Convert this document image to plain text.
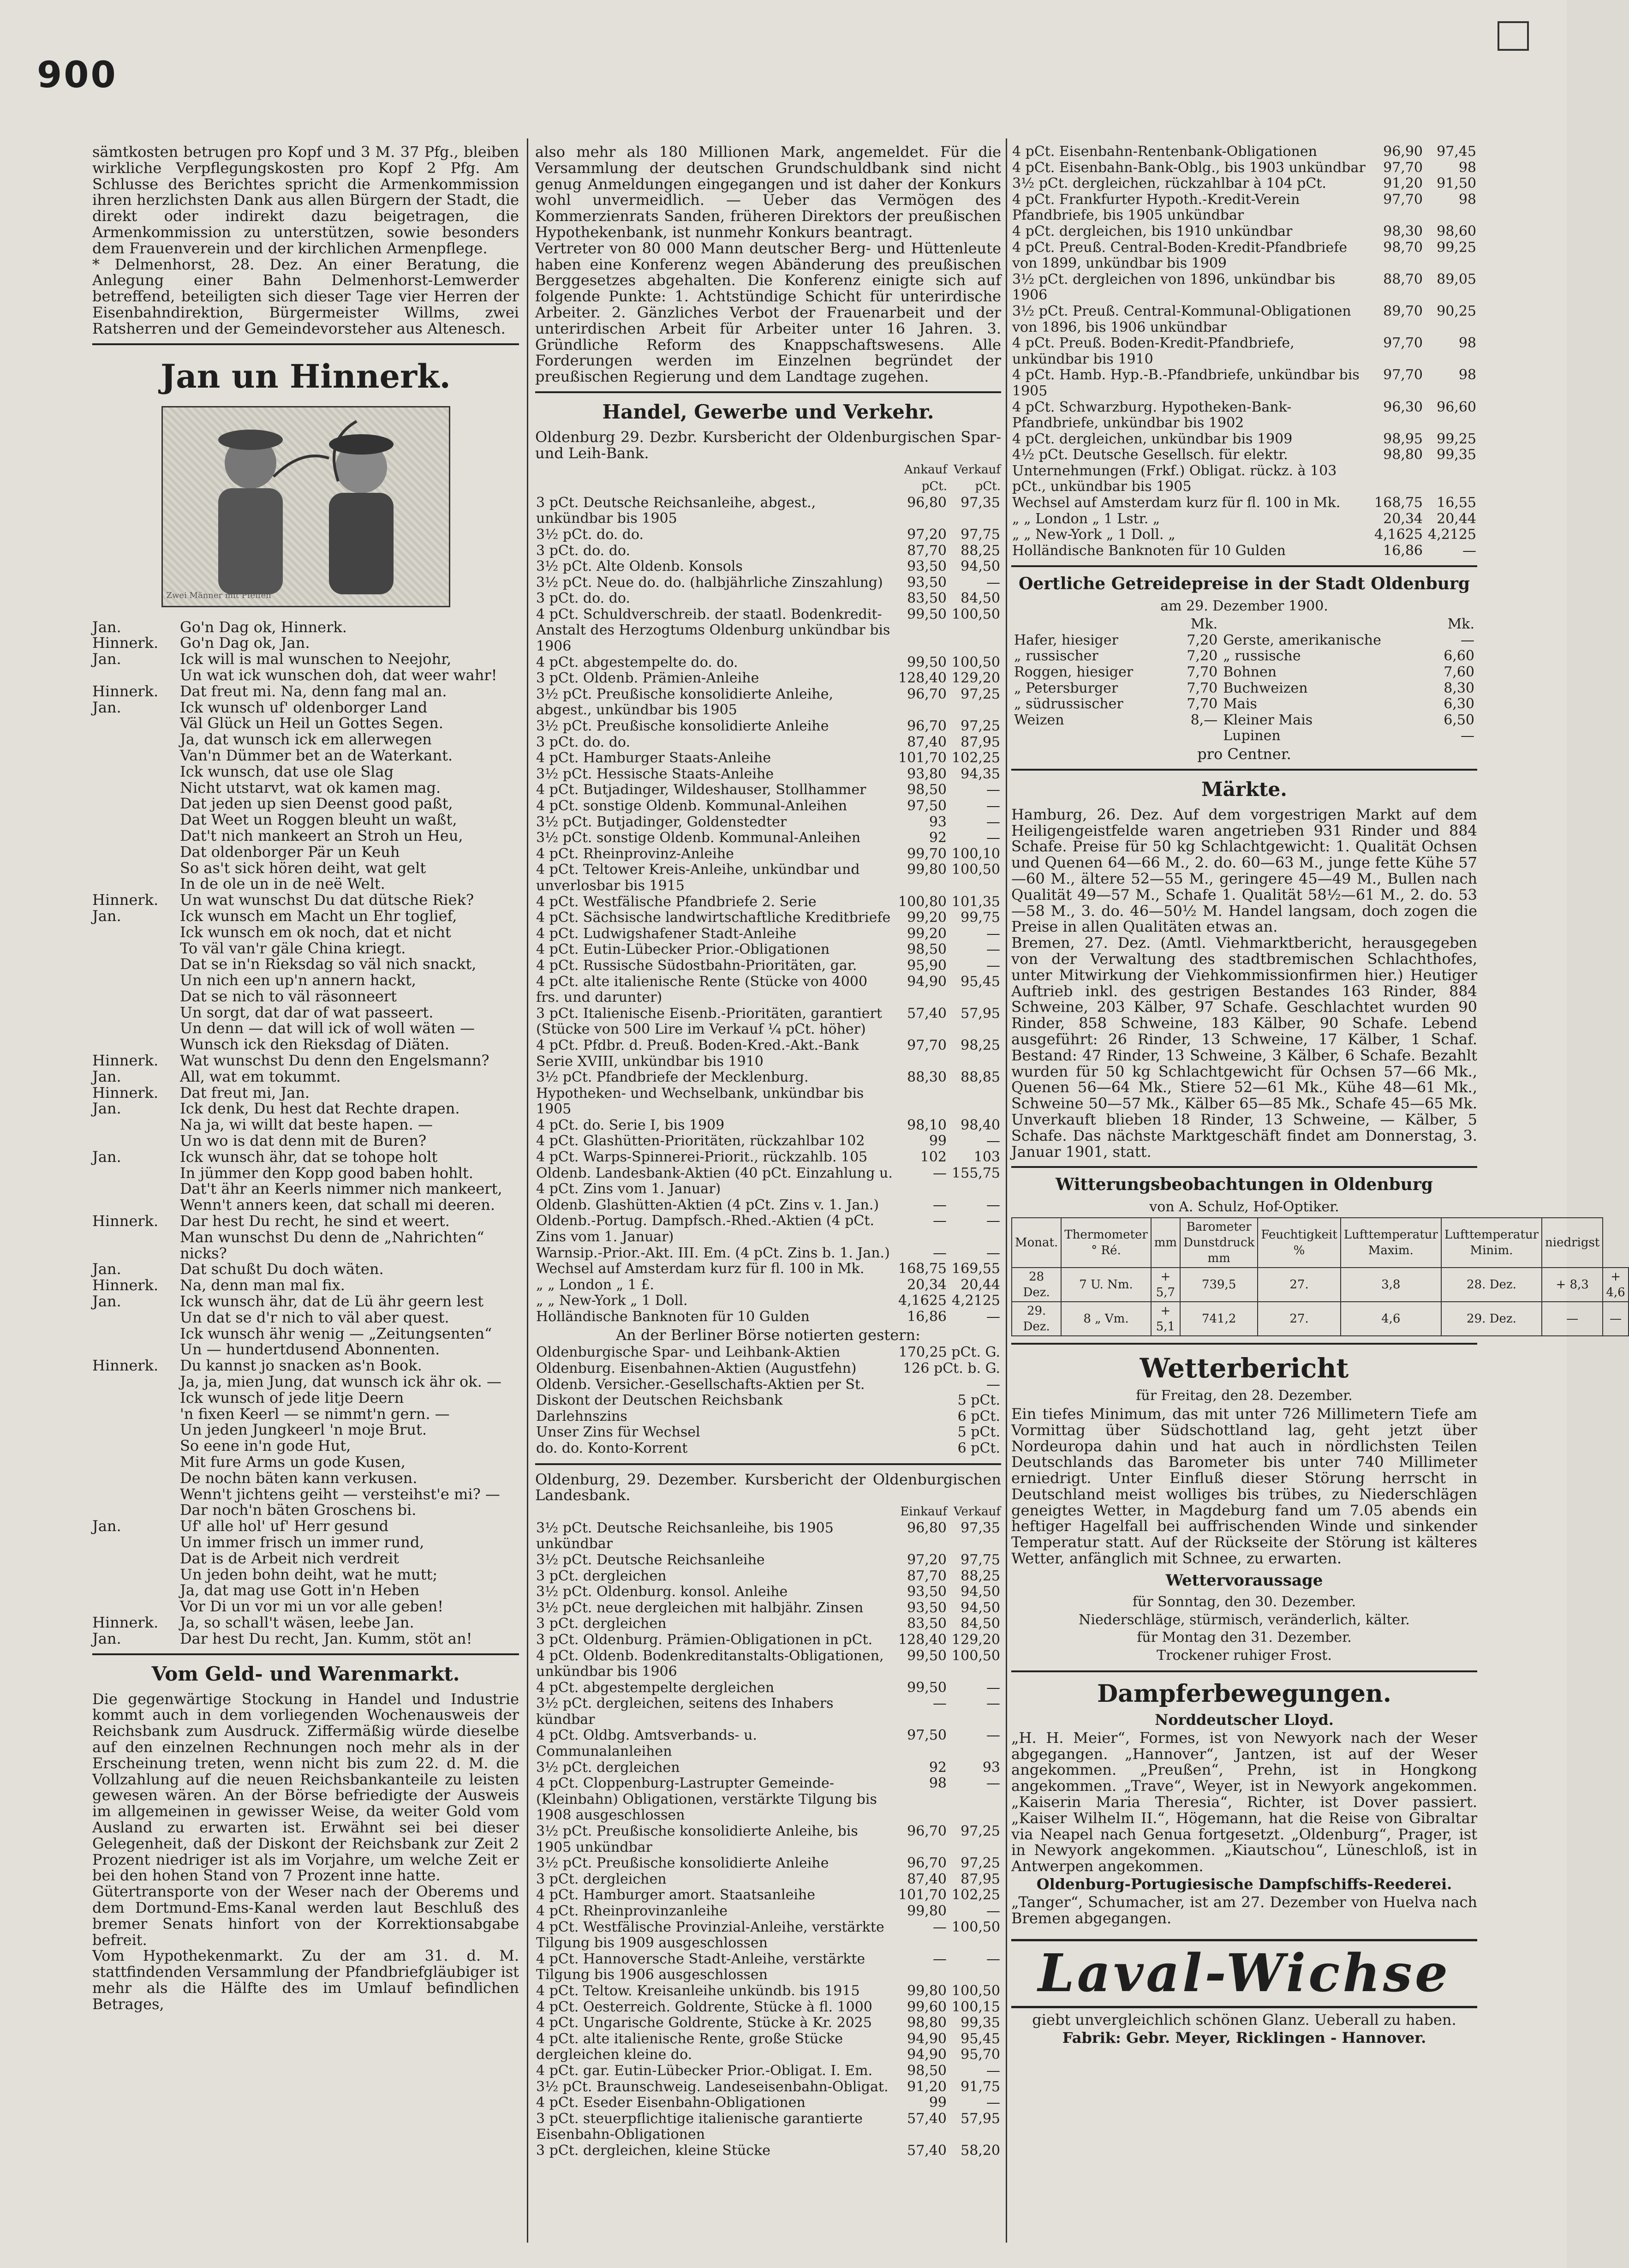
900

sämtkosten betrugen pro Kopf und 3 M. 37 Pfg., bleiben wirkliche Verpflegungskosten pro Kopf 2 Pfg. Am Schlusse des Berichtes spricht die Armenkommission ihren herzlichsten Dank aus allen Bürgern der Stadt, die direkt oder indirekt dazu beigetragen, die Armenkommission zu unterstützen, sowie besonders dem Frauenverein und der kirchlichen Armenpflege.

* Delmenhorst, 28. Dez. An einer Beratung, die Anlegung einer Bahn Delmenhorst-Lemwerder betreffend, beteiligten sich dieser Tage vier Herren der Eisenbahndirektion, Bürgermeister Willms, zwei Ratsherren und der Gemeindevorsteher aus Altenesch.

Jan un Hinnerk.
Zwei Männer mit Pfeifen
Jan.	Go'n Dag ok, Hinnerk.
Hinnerk.	Go'n Dag ok, Jan.
Jan.	Ick will is mal wunschen to Neejohr,
Un wat ick wunschen doh, dat weer wahr!
Hinnerk.	Dat freut mi. Na, denn fang mal an.
Jan.	Ick wunsch uf' oldenborger Land
Väl Glück un Heil un Gottes Segen.
Ja, dat wunsch ick em allerwegen
Van'n Dümmer bet an de Waterkant.
Ick wunsch, dat use ole Slag
Nicht utstarvt, wat ok kamen mag.
Dat jeden up sien Deenst good paßt,
Dat Weet un Roggen bleuht un waßt,
Dat't nich mankeert an Stroh un Heu,
Dat oldenborger Pär un Keuh
So as't sick hören deiht, wat gelt
In de ole un in de neë Welt.
Hinnerk.	Un wat wunschst Du dat dütsche Riek?
Jan.	Ick wunsch em Macht un Ehr toglief,
Ick wunsch em ok noch, dat et nicht
To väl van'r gäle China kriegt.
Dat se in'n Rieksdag so väl nich snackt,
Un nich een up'n annern hackt,
Dat se nich to väl räsonneert
Un sorgt, dat dar of wat passeert.
Un denn — dat will ick of woll wäten —
Wunsch ick den Rieksdag of Diäten.
Hinnerk.	Wat wunschst Du denn den Engelsmann?
Jan.	All, wat em tokummt.
Hinnerk.	Dat freut mi, Jan.
Jan.	Ick denk, Du hest dat Rechte drapen.
Na ja, wi willt dat beste hapen. —
Un wo is dat denn mit de Buren?
Jan.	Ick wunsch ähr, dat se tohope holt
In jümmer den Kopp good baben hohlt.
Dat't ähr an Keerls nimmer nich mankeert,
Wenn't anners keen, dat schall mi deeren.
Hinnerk.	Dar hest Du recht, he sind et weert.
Man wunschst Du denn de „Nahrichten“ nicks?
Jan.	Dat schußt Du doch wäten.
Hinnerk.	Na, denn man mal fix.
Jan.	Ick wunsch ähr, dat de Lü ähr geern lest
Un dat se d'r nich to väl aber quest.
Ick wunsch ähr wenig — „Zeitungsenten“
Un — hundertdusend Abonnenten.
Hinnerk.	Du kannst jo snacken as'n Book.
Ja, ja, mien Jung, dat wunsch ick ähr ok. —
Ick wunsch of jede litje Deern
'n fixen Keerl — se nimmt'n gern. —
Un jeden Jungkeerl 'n moje Brut.
So eene in'n gode Hut,
Mit fure Arms un gode Kusen,
De nochn bäten kann verkusen.
Wenn't jichtens geiht — versteihst'e mi? —
Dar noch'n bäten Groschens bi.
Jan.	Uf' alle hol' uf' Herr gesund
Un immer frisch un immer rund,
Dat is de Arbeit nich verdreit
Un jeden bohn deiht, wat he mutt;
Ja, dat mag use Gott in'n Heben
Vor Di un vor mi un vor alle geben!
Hinnerk.	Ja, so schall't wäsen, leebe Jan.
Jan.	Dar hest Du recht, Jan. Kumm, stöt an!
Vom Geld- und Warenmarkt.

Die gegenwärtige Stockung in Handel und Industrie kommt auch in dem vorliegenden Wochenausweis der Reichsbank zum Ausdruck. Ziffermäßig würde dieselbe auf den einzelnen Rechnungen noch mehr als in der Erscheinung treten, wenn nicht bis zum 22. d. M. die Vollzahlung auf die neuen Reichsbankanteile zu leisten gewesen wären. An der Börse befriedigte der Ausweis im allgemeinen in gewisser Weise, da weiter Gold vom Ausland zu erwarten ist. Erwähnt sei bei dieser Gelegenheit, daß der Diskont der Reichsbank zur Zeit 2 Prozent niedriger ist als im Vorjahre, um welche Zeit er bei den hohen Stand von 7 Prozent inne hatte.

Gütertransporte von der Weser nach der Oberems und dem Dortmund-Ems-Kanal werden laut Beschluß des bremer Senats hinfort von der Korrektionsabgabe befreit.

Vom Hypothekenmarkt. Zu der am 31. d. M. stattfindenden Versammlung der Pfandbriefgläubiger ist mehr als die Hälfte des im Umlauf befindlichen Betrages,

also mehr als 180 Millionen Mark, angemeldet. Für die Versammlung der deutschen Grundschuldbank sind nicht genug Anmeldungen eingegangen und ist daher der Konkurs wohl unvermeidlich. — Ueber das Vermögen des Kommerzienrats Sanden, früheren Direktors der preußischen Hypothekenbank, ist nunmehr Konkurs beantragt.

Vertreter von 80 000 Mann deutscher Berg- und Hüttenleute haben eine Konferenz wegen Abänderung des preußischen Berggesetzes abgehalten. Die Konferenz einigte sich auf folgende Punkte: 1. Achtstündige Schicht für unterirdische Arbeiter. 2. Gänzliches Verbot der Frauenarbeit und der unterirdischen Arbeit für Arbeiter unter 16 Jahren. 3. Gründliche Reform des Knappschaftswesens. Alle Forderungen werden im Einzelnen begründet der preußischen Regierung und dem Landtage zugehen.

Handel, Gewerbe und Verkehr.

Oldenburg 29. Dezbr. Kursbericht der Oldenburgischen Spar- und Leih-Bank.

	Ankauf	Verkauf
	pCt.	pCt.
3 pCt. Deutsche Reichsanleihe, abgest., unkündbar bis 1905	96,80	97,35
3½ pCt. do. do.	97,20	97,75
3 pCt. do. do.	87,70	88,25
3½ pCt. Alte Oldenb. Konsols	93,50	94,50
3½ pCt. Neue do. do. (halbjährliche Zinszahlung)	93,50	—
3 pCt. do. do.	83,50	84,50
4 pCt. Schuldverschreib. der staatl. Bodenkredit-Anstalt des Herzogtums Oldenburg unkündbar bis 1906	99,50	100,50
4 pCt. abgestempelte do. do.	99,50	100,50
3 pCt. Oldenb. Prämien-Anleihe	128,40	129,20
3½ pCt. Preußische konsolidierte Anleihe, abgest., unkündbar bis 1905	96,70	97,25
3½ pCt. Preußische konsolidierte Anleihe	96,70	97,25
3 pCt. do. do.	87,40	87,95
4 pCt. Hamburger Staats-Anleihe	101,70	102,25
3½ pCt. Hessische Staats-Anleihe	93,80	94,35
4 pCt. Butjadinger, Wildeshauser, Stollhammer	98,50	—
4 pCt. sonstige Oldenb. Kommunal-Anleihen	97,50	—
3½ pCt. Butjadinger, Goldenstedter	93	—
3½ pCt. sonstige Oldenb. Kommunal-Anleihen	92	—
4 pCt. Rheinprovinz-Anleihe	99,70	100,10
4 pCt. Teltower Kreis-Anleihe, unkündbar und unverlosbar bis 1915	99,80	100,50
4 pCt. Westfälische Pfandbriefe 2. Serie	100,80	101,35
4 pCt. Sächsische landwirtschaftliche Kreditbriefe	99,20	99,75
4 pCt. Ludwigshafener Stadt-Anleihe	99,20	—
4 pCt. Eutin-Lübecker Prior.-Obligationen	98,50	—
4 pCt. Russische Südostbahn-Prioritäten, gar.	95,90	—
4 pCt. alte italienische Rente (Stücke von 4000 frs. und darunter)	94,90	95,45
3 pCt. Italienische Eisenb.-Prioritäten, garantiert (Stücke von 500 Lire im Verkauf ¼ pCt. höher)	57,40	57,95
4 pCt. Pfdbr. d. Preuß. Boden-Kred.-Akt.-Bank Serie XVIII, unkündbar bis 1910	97,70	98,25
3½ pCt. Pfandbriefe der Mecklenburg. Hypotheken- und Wechselbank, unkündbar bis 1905	88,30	88,85
4 pCt. do. Serie I, bis 1909	98,10	98,40
4 pCt. Glashütten-Prioritäten, rückzahlbar 102	99	—
4 pCt. Warps-Spinnerei-Priorit., rückzahlb. 105	102	103
Oldenb. Landesbank-Aktien (40 pCt. Einzahlung u. 4 pCt. Zins vom 1. Januar)	—	155,75
Oldenb. Glashütten-Aktien (4 pCt. Zins v. 1. Jan.)	—	—
Oldenb.-Portug. Dampfsch.-Rhed.-Aktien (4 pCt. Zins vom 1. Januar)	—	—
Warnsip.-Prior.-Akt. III. Em. (4 pCt. Zins b. 1. Jan.)	—	—
Wechsel auf Amsterdam kurz für fl. 100 in Mk.	168,75	169,55
„ „ London „ 1 £.	20,34	20,44
„ „ New-York „ 1 Doll.	4,1625	4,2125
Holländische Banknoten für 10 Gulden	16,86	—

An der Berliner Börse notierten gestern:

Oldenburgische Spar- und Leihbank-Aktien	170,25 pCt. G.
Oldenburg. Eisenbahnen-Aktien (Augustfehn)	126 pCt. b. G.
Oldenb. Versicher.-Gesellschafts-Aktien per St.	—
Diskont der Deutschen Reichsbank	5 pCt.
Darlehnszins	6 pCt.
Unser Zins für Wechsel	5 pCt.
do. do. Konto-Korrent	6 pCt.

Oldenburg, 29. Dezember. Kursbericht der Oldenburgischen Landesbank.

	Einkauf	Verkauf
3½ pCt. Deutsche Reichsanleihe, bis 1905 unkündbar	96,80	97,35
3½ pCt. Deutsche Reichsanleihe	97,20	97,75
3 pCt. dergleichen	87,70	88,25
3½ pCt. Oldenburg. konsol. Anleihe	93,50	94,50
3½ pCt. neue dergleichen mit halbjähr. Zinsen	93,50	94,50
3 pCt. dergleichen	83,50	84,50
3 pCt. Oldenburg. Prämien-Obligationen in pCt.	128,40	129,20
4 pCt. Oldenb. Bodenkreditanstalts-Obligationen, unkündbar bis 1906	99,50	100,50
4 pCt. abgestempelte dergleichen	99,50	—
3½ pCt. dergleichen, seitens des Inhabers kündbar	—	—
4 pCt. Oldbg. Amtsverbands- u. Communalanleihen	97,50	—
3½ pCt. dergleichen	92	93
4 pCt. Cloppenburg-Lastrupter Gemeinde- (Kleinbahn) Obligationen, verstärkte Tilgung bis 1908 ausgeschlossen	98	—
3½ pCt. Preußische konsolidierte Anleihe, bis 1905 unkündbar	96,70	97,25
3½ pCt. Preußische konsolidierte Anleihe	96,70	97,25
3 pCt. dergleichen	87,40	87,95
4 pCt. Hamburger amort. Staatsanleihe	101,70	102,25
4 pCt. Rheinprovinzanleihe	99,80	—
4 pCt. Westfälische Provinzial-Anleihe, verstärkte Tilgung bis 1909 ausgeschlossen	—	100,50
4 pCt. Hannoversche Stadt-Anleihe, verstärkte Tilgung bis 1906 ausgeschlossen	—	—
4 pCt. Teltow. Kreisanleihe unkündb. bis 1915	99,80	100,50
4 pCt. Oesterreich. Goldrente, Stücke à fl. 1000	99,60	100,15
4 pCt. Ungarische Goldrente, Stücke à Kr. 2025	98,80	99,35
4 pCt. alte italienische Rente, große Stücke	94,90	95,45
dergleichen kleine do.	94,90	95,70
4 pCt. gar. Eutin-Lübecker Prior.-Obligat. I. Em.	98,50	—
3½ pCt. Braunschweig. Landeseisenbahn-Obligat.	91,20	91,75
4 pCt. Eseder Eisenbahn-Obligationen	99	—
3 pCt. steuerpflichtige italienische garantierte Eisenbahn-Obligationen	57,40	57,95
3 pCt. dergleichen, kleine Stücke	57,40	58,20
4 pCt. Eisenbahn-Rentenbank-Obligationen	96,90	97,45
4 pCt. Eisenbahn-Bank-Oblg., bis 1903 unkündbar	97,70	98
3½ pCt. dergleichen, rückzahlbar à 104 pCt.	91,20	91,50
4 pCt. Frankfurter Hypoth.-Kredit-Verein Pfandbriefe, bis 1905 unkündbar	97,70	98
4 pCt. dergleichen, bis 1910 unkündbar	98,30	98,60
4 pCt. Preuß. Central-Boden-Kredit-Pfandbriefe von 1899, unkündbar bis 1909	98,70	99,25
3½ pCt. dergleichen von 1896, unkündbar bis 1906	88,70	89,05
3½ pCt. Preuß. Central-Kommunal-Obligationen von 1896, bis 1906 unkündbar	89,70	90,25
4 pCt. Preuß. Boden-Kredit-Pfandbriefe, unkündbar bis 1910	97,70	98
4 pCt. Hamb. Hyp.-B.-Pfandbriefe, unkündbar bis 1905	97,70	98
4 pCt. Schwarzburg. Hypotheken-Bank-Pfandbriefe, unkündbar bis 1902	96,30	96,60
4 pCt. dergleichen, unkündbar bis 1909	98,95	99,25
4½ pCt. Deutsche Gesellsch. für elektr. Unternehmungen (Frkf.) Obligat. rückz. à 103 pCt., unkündbar bis 1905	98,80	99,35
Wechsel auf Amsterdam kurz für fl. 100 in Mk.	168,75	16,55
„ „ London „ 1 Lstr. „	20,34	20,44
„ „ New-York „ 1 Doll. „	4,1625	4,2125
Holländische Banknoten für 10 Gulden	16,86	—
Oertliche Getreidepreise in der Stadt Oldenburg

am 29. Dezember 1900.

	Mk.		Mk.
Hafer, hiesiger	7,20	Gerste, amerikanische	—
„ russischer	7,20	„ russische	6,60
Roggen, hiesiger	7,70	Bohnen	7,60
„ Petersburger	7,70	Buchweizen	8,30
„ südrussischer	7,70	Mais	6,30
Weizen	8,—	Kleiner Mais	6,50
		Lupinen	—

pro Centner.

Märkte.

Hamburg, 26. Dez. Auf dem vorgestrigen Markt auf dem Heiligengeistfelde waren angetrieben 931 Rinder und 884 Schafe. Preise für 50 kg Schlachtgewicht: 1. Qualität Ochsen und Quenen 64—66 M., 2. do. 60—63 M., junge fette Kühe 57—60 M., ältere 52—55 M., geringere 45—49 M., Bullen nach Qualität 49—57 M., Schafe 1. Qualität 58½—61 M., 2. do. 53—58 M., 3. do. 46—50½ M. Handel langsam, doch zogen die Preise in allen Qualitäten etwas an.

Bremen, 27. Dez. (Amtl. Viehmarktbericht, herausgegeben von der Verwaltung des stadtbremischen Schlachthofes, unter Mitwirkung der Viehkommissionfirmen hier.) Heutiger Auftrieb inkl. des gestrigen Bestandes 163 Rinder, 884 Schweine, 203 Kälber, 97 Schafe. Geschlachtet wurden 90 Rinder, 858 Schweine, 183 Kälber, 90 Schafe. Lebend ausgeführt: 26 Rinder, 13 Schweine, 17 Kälber, 1 Schaf. Bestand: 47 Rinder, 13 Schweine, 3 Kälber, 6 Schafe. Bezahlt wurden für 50 kg Schlachtgewicht für Ochsen 57—66 Mk., Quenen 56—64 Mk., Stiere 52—61 Mk., Kühe 48—61 Mk., Schweine 50—57 Mk., Kälber 65—85 Mk., Schafe 45—65 Mk. Unverkauft blieben 18 Rinder, 13 Schweine, — Kälber, 5 Schafe. Das nächste Marktgeschäft findet am Donnerstag, 3. Januar 1901, statt.

Witterungsbeobachtungen in Oldenburg

von A. Schulz, Hof-Optiker.

Monat.	Thermometer ° Ré.	mm	Barometer Dunstdruck mm	Feuchtigkeit %	Lufttemperatur Maxim.	Lufttemperatur Minim.	niedrigst	
28 Dez.	7 U. Nm.	+ 5,7	739,5	27.	3,8	28. Dez.	+ 8,3	+ 4,6
29. Dez.	8 „ Vm.	+ 5,1	741,2	27.	4,6	29. Dez.	—	—
Wetterbericht

für Freitag, den 28. Dezember.

Ein tiefes Minimum, das mit unter 726 Millimetern Tiefe am Vormittag über Südschottland lag, geht jetzt über Nordeuropa dahin und hat auch in nördlichsten Teilen Deutschlands das Barometer bis unter 740 Millimeter erniedrigt. Unter Einfluß dieser Störung herrscht in Deutschland meist wolliges bis trübes, zu Niederschlägen geneigtes Wetter, in Magdeburg fand um 7.05 abends ein heftiger Hagelfall bei auffrischenden Winde und sinkender Temperatur statt. Auf der Rückseite der Störung ist kälteres Wetter, anfänglich mit Schnee, zu erwarten.

Wettervoraussage

für Sonntag, den 30. Dezember.

Niederschläge, stürmisch, veränderlich, kälter.

für Montag den 31. Dezember.

Trockener ruhiger Frost.

Dampferbewegungen.

Norddeutscher Lloyd.

„H. H. Meier“, Formes, ist von Newyork nach der Weser abgegangen. „Hannover“, Jantzen, ist auf der Weser angekommen. „Preußen“, Prehn, ist in Hongkong angekommen. „Trave“, Weyer, ist in Newyork angekommen. „Kaiserin Maria Theresia“, Richter, ist Dover passiert. „Kaiser Wilhelm II.“, Högemann, hat die Reise von Gibraltar via Neapel nach Genua fortgesetzt. „Oldenburg“, Prager, ist in Newyork angekommen. „Kiautschou“, Lüneschloß, ist in Antwerpen angekommen.

Oldenburg-Portugiesische Dampfschiffs-Reederei.

„Tanger“, Schumacher, ist am 27. Dezember von Huelva nach Bremen abgegangen.

Laval-Wichse

giebt unvergleichlich schönen Glanz. Ueberall zu haben.

Fabrik: Gebr. Meyer, Ricklingen - Hannover.
